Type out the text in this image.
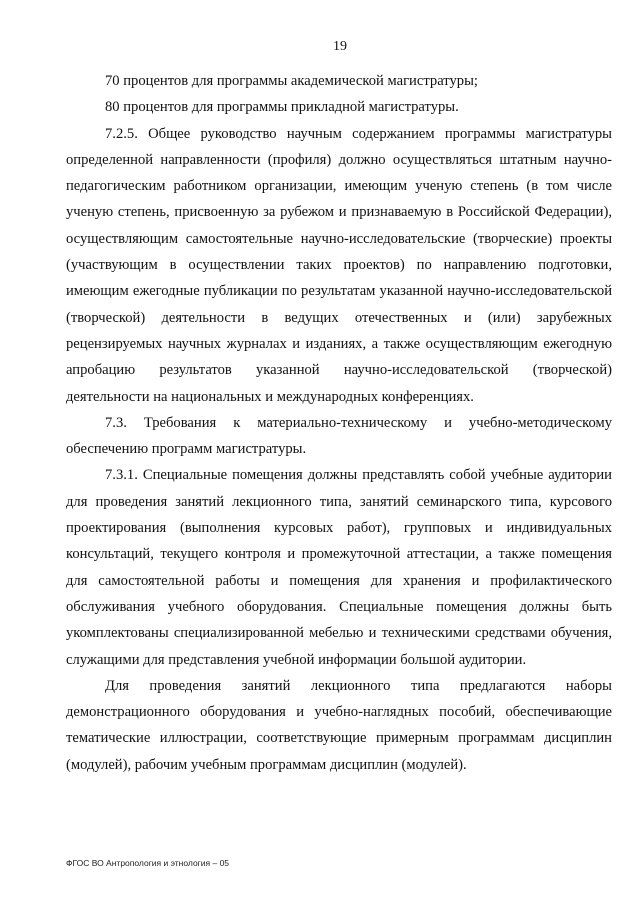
19
70 процентов для программы академической магистратуры;
80 процентов для программы прикладной магистратуры.

7.2.5. Общее руководство научным содержанием программы магистратуры определенной направленности (профиля) должно осуществляться штатным научно-педагогическим работником организации, имеющим ученую степень (в том числе ученую степень, присвоенную за рубежом и признаваемую в Российской Федерации), осуществляющим самостоятельные научно-исследовательские (творческие) проекты (участвующим в осуществлении таких проектов) по направлению подготовки, имеющим ежегодные публикации по результатам указанной научно-исследовательской (творческой) деятельности в ведущих отечественных и (или) зарубежных рецензируемых научных журналах и изданиях, а также осуществляющим ежегодную апробацию результатов указанной научно-исследовательской (творческой) деятельности на национальных и международных конференциях.

7.3. Требования к материально-техническому и учебно-методическому обеспечению программ магистратуры.

7.3.1. Специальные помещения должны представлять собой учебные аудитории для проведения занятий лекционного типа, занятий семинарского типа, курсового проектирования (выполнения курсовых работ), групповых и индивидуальных консультаций, текущего контроля и промежуточной аттестации, а также помещения для самостоятельной работы и помещения для хранения и профилактического обслуживания учебного оборудования. Специальные помещения должны быть укомплектованы специализированной мебелью и техническими средствами обучения, служащими для представления учебной информации большой аудитории.

Для проведения занятий лекционного типа предлагаются наборы демонстрационного оборудования и учебно-наглядных пособий, обеспечивающие тематические иллюстрации, соответствующие примерным программам дисциплин (модулей), рабочим учебным программам дисциплин (модулей).

ФГОС ВО Антропология и этнология – 05
